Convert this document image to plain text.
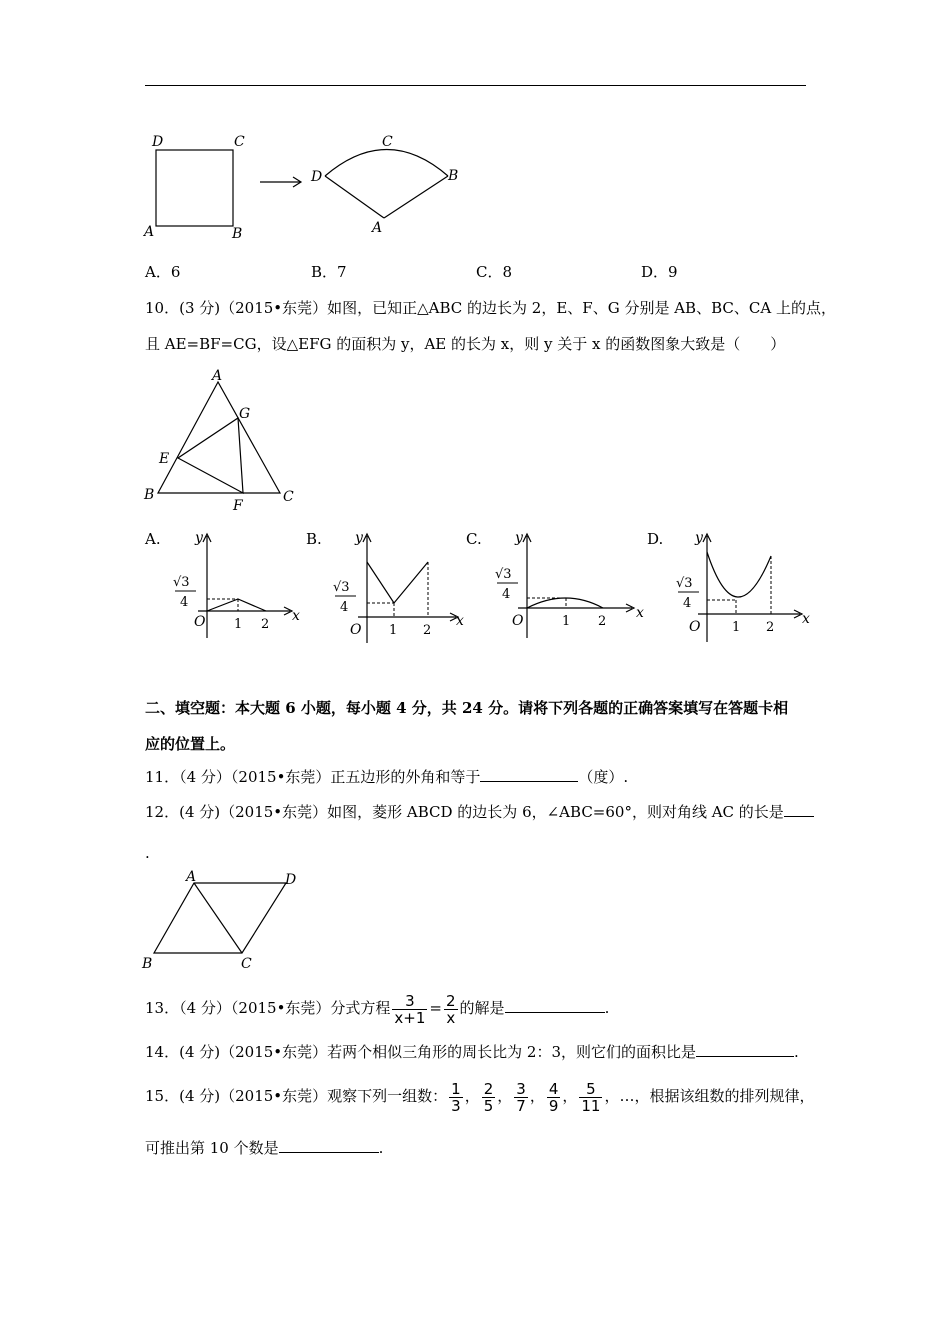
D	C
A	B
C
D	B
A
A．6	B．7	C．8	D．9
10．(3 分)（2015•东莞）如图，已知正△ABC 的边长为 2，E、F、G 分别是 AB、BC、CA 上的点，
且 AE=BF=CG，设△EFG 的面积为 y，AE 的长为 x，则 y 关于 x 的函数图象大致是（　　）
A
G
E
B
F
C
A.	B.	C.	D.
y
x
√3
4
O 1 2
y
x
√3
4
O 1 2
y
x
√3
4
O	1 2
y
x
√3
4
O 1 2
二、填空题：本大题 6 小题，每小题 4 分，共 24 分。请将下列各题的正确答案填写在答题卡相
应的位置上。
11．（4 分）（2015•东莞）正五边形的外角和等于	（度）.
12．(4 分)（2015•东莞）如图，菱形 ABCD 的边长为 6，∠ABC=60°，则对角线 AC 的长是
.
A	D
B	C
13．（4 分）（2015•东莞）分式方程 $\frac{3}{x+1} = \frac{2}{x}$ 的解是	.
14．(4 分)（2015•东莞）若两个相似三角形的周长比为 2：3，则它们的面积比是	.
15．(4 分)（2015•东莞）观察下列一组数： $\frac{1}{3}$ ， $\frac{2}{5}$ ， $\frac{3}{7}$ ， $\frac{4}{9}$ ， $\frac{5}{11}$ ，…，根据该组数的排列规律，
可推出第 10 个数是	.
